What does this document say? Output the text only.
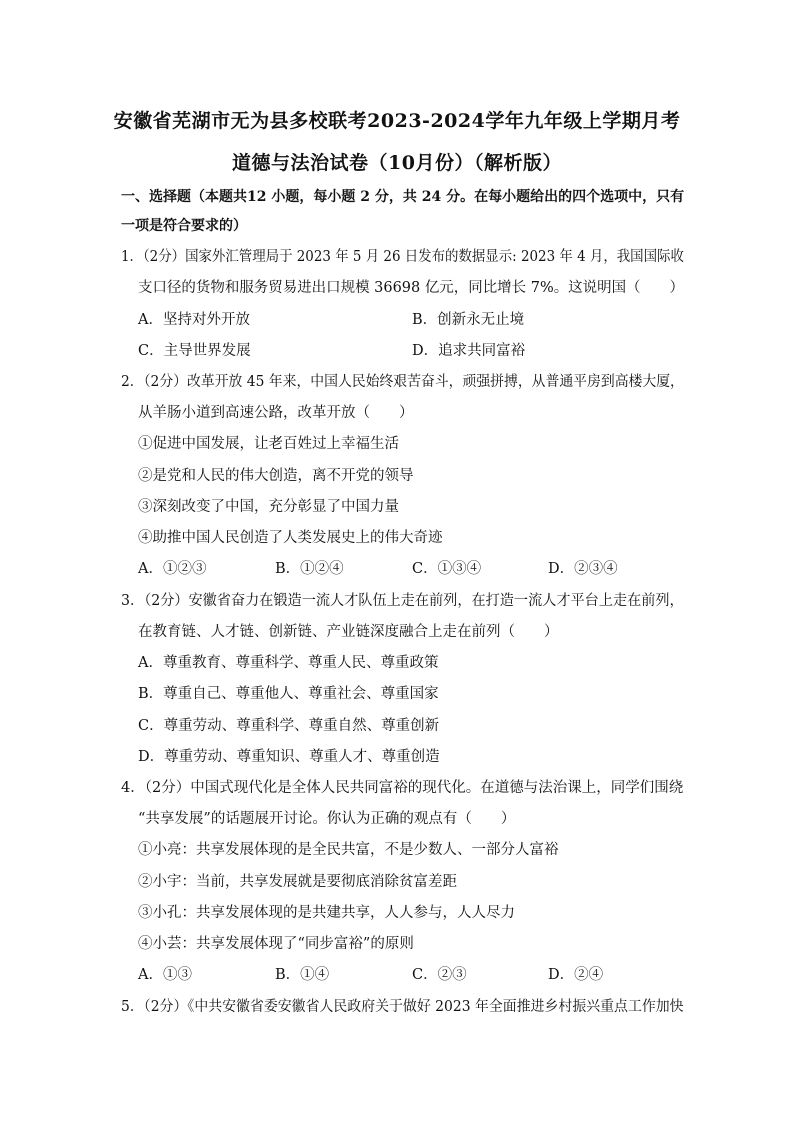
安徽省芜湖市无为县多校联考2023-2024学年九年级上学期月考
道德与法治试卷（10月份）（解析版）
一、选择题（本题共12 小题，每小题 2 分，共 24 分。在每小题给出的四个选项中，只有
一项是符合要求的）
1．（2分）国家外汇管理局于 2023 年 5 月 26 日发布的数据显示: 2023 年 4 月，我国国际收
支口径的货物和服务贸易进出口规模 36698 亿元，同比增长 7%。这说明国（　　）
A．坚持对外开放	B．创新永无止境
C．主导世界发展	D．追求共同富裕
2．（2分）改革开放 45 年来，中国人民始终艰苦奋斗，顽强拼搏，从普通平房到高楼大厦，
从羊肠小道到高速公路，改革开放（　　）
①促进中国发展，让老百姓过上幸福生活
②是党和人民的伟大创造，离不开党的领导
③深刻改变了中国，充分彰显了中国力量
④助推中国人民创造了人类发展史上的伟大奇迹
A．①②③	B．①②④	C．①③④	D．②③④
3．（2分）安徽省奋力在锻造一流人才队伍上走在前列，在打造一流人才平台上走在前列，
在教育链、人才链、创新链、产业链深度融合上走在前列（　　）
A．尊重教育、尊重科学、尊重人民、尊重政策
B．尊重自己、尊重他人、尊重社会、尊重国家
C．尊重劳动、尊重科学、尊重自然、尊重创新
D．尊重劳动、尊重知识、尊重人才、尊重创造
4．（2分）中国式现代化是全体人民共同富裕的现代化。在道德与法治课上，同学们围绕
“共享发展”的话题展开讨论。你认为正确的观点有（　　）
①小亮：共享发展体现的是全民共富，不是少数人、一部分人富裕
②小宇：当前，共享发展就是要彻底消除贫富差距
③小孔：共享发展体现的是共建共享，人人参与，人人尽力
④小芸：共享发展体现了“同步富裕”的原则
A．①③	B．①④	C．②③	D．②④
5．（2分）《中共安徽省委安徽省人民政府关于做好 2023 年全面推进乡村振兴重点工作加快
